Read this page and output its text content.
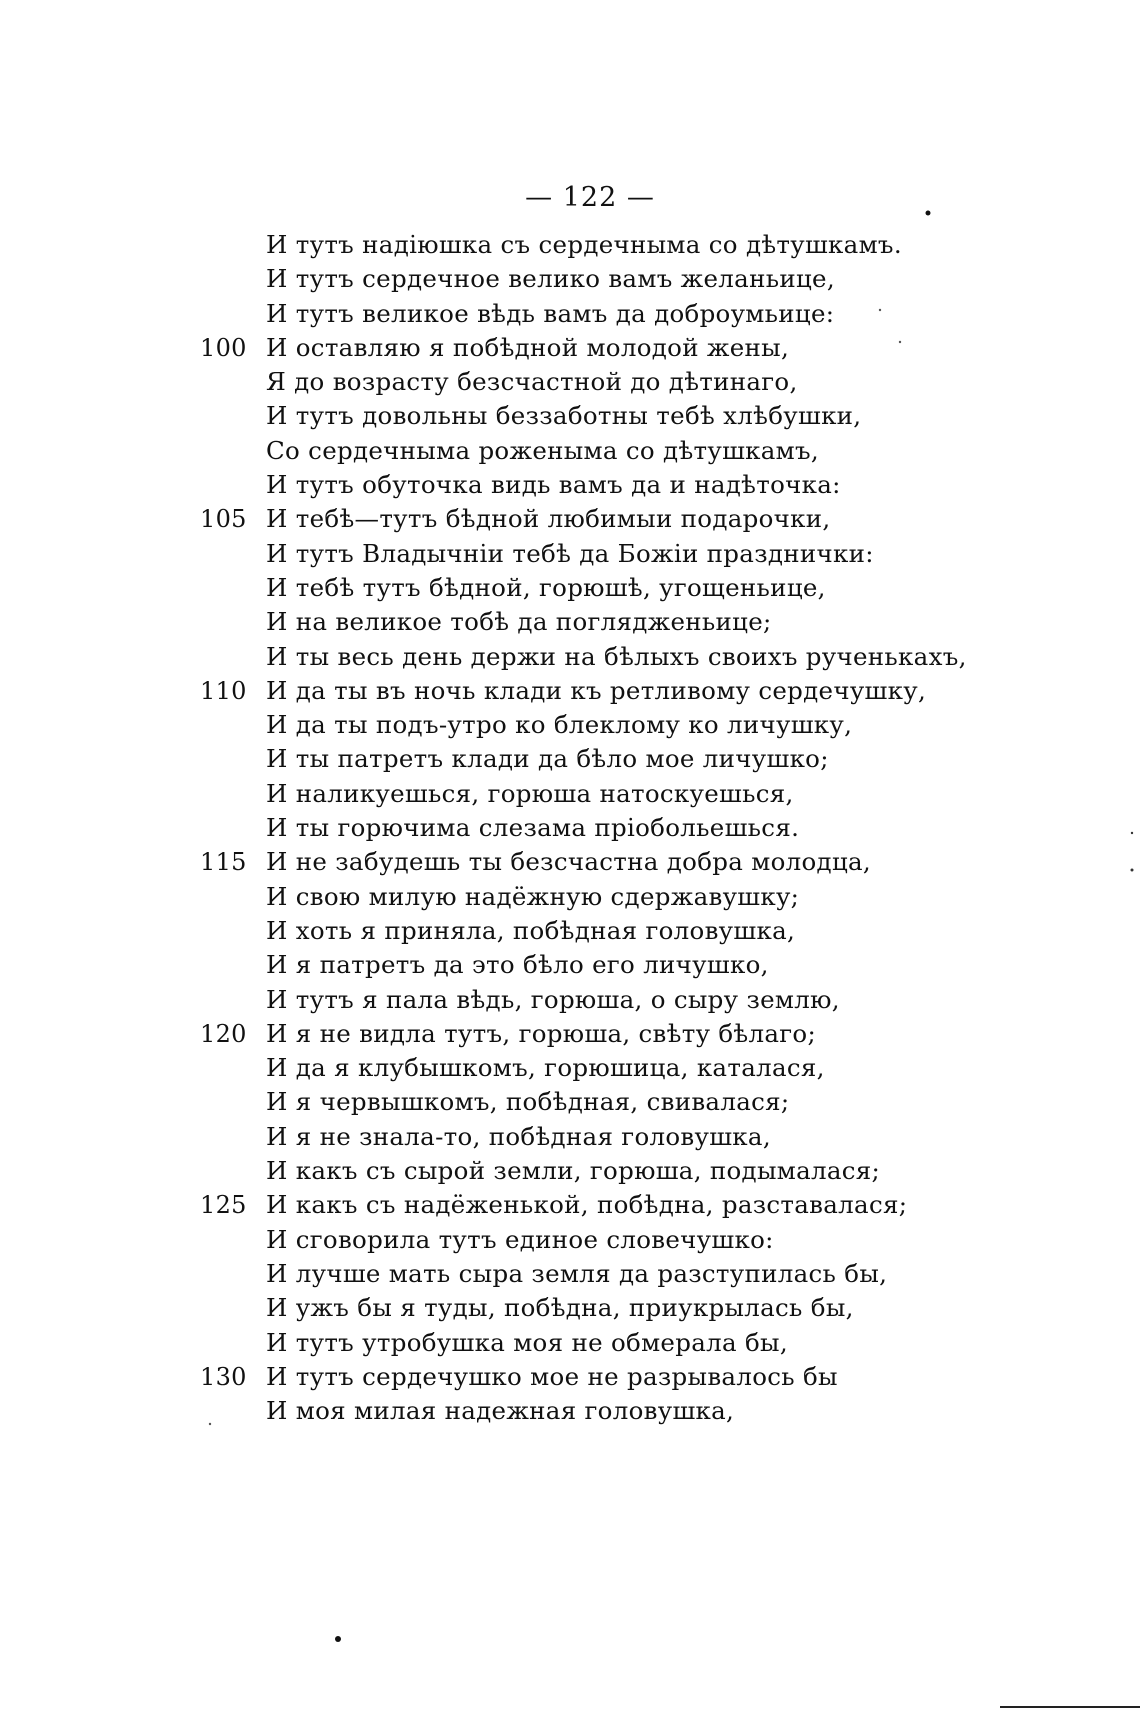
— 122 —
И тутъ надіюшка съ сердечныма со дѣтушкамъ.
И тутъ сердечное велико вамъ желаньице,
И тутъ великое вѣдь вамъ да доброумьице:
100 И оставляю я побѣдной молодой жены,
Я до возрасту безсчастной до дѣтинаго,
И тутъ довольны беззаботны тебѣ хлѣбушки,
Со сердечныма роженыма со дѣтушкамъ,
И тутъ обуточка видь вамъ да и надѣточка:
105 И тебѣ—тутъ бѣдной любимыи подарочки,
И тутъ Владычніи тебѣ да Божіи празднички:
И тебѣ тутъ бѣдной, горюшѣ, угощеньице,
И на великое тобѣ да поглядженьице;
И ты весь день держи на бѣлыхъ своихъ рученькахъ,
110 И да ты въ ночь клади къ ретливому сердечушку,
И да ты подъ-утро ко блеклому ко личушку,
И ты патретъ клади да бѣло мое личушко;
И наликуешься, горюша натоскуешься,
И ты горючима слезама пріобольешься.
115 И не забудешь ты безсчастна добра молодца,
И свою милую надёжную сдержавушку;
И хоть я приняла, побѣдная головушка,
И я патретъ да это бѣло его личушко,
И тутъ я пала вѣдь, горюша, о сыру землю,
120 И я не видла тутъ, горюша, свѣту бѣлаго;
И да я клубышкомъ, горюшица, каталася,
И я червышкомъ, побѣдная, свивалася;
И я не знала-то, побѣдная головушка,
И какъ съ сырой земли, горюша, подымалася;
125 И какъ съ надёженькой, побѣдна, разставалася;
И сговорила тутъ единое словечушко:
И лучше мать сыра земля да разступилась бы,
И ужъ бы я туды, побѣдна, приукрылась бы,
И тутъ утробушка моя не обмерала бы,
130 И тутъ сердечушко мое не разрывалось бы
И моя милая надежная головушка,
